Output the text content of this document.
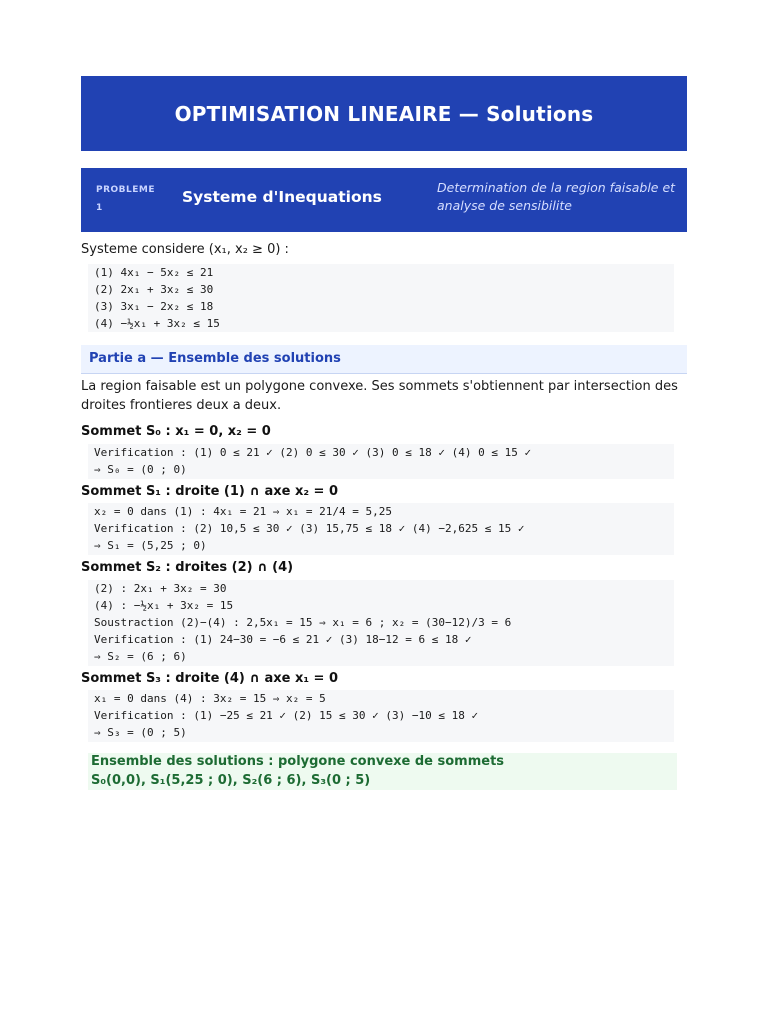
OPTIMISATION LINEAIRE — Solutions
PROBLEME
1
Systeme d'Inequations
Determination de la region faisable et analyse de sensibilite
Systeme considere (x₁, x₂ ≥ 0) :
(1) 4x₁ − 5x₂ ≤ 21
(2) 2x₁ + 3x₂ ≤ 30
(3) 3x₁ − 2x₂ ≤ 18
(4) −½x₁ + 3x₂ ≤ 15
Partie a — Ensemble des solutions
La region faisable est un polygone convexe. Ses sommets s'obtiennent par intersection des droites frontieres deux a deux.
Sommet S₀ : x₁ = 0, x₂ = 0
Verification : (1) 0 ≤ 21 ✓ (2) 0 ≤ 30 ✓ (3) 0 ≤ 18 ✓ (4) 0 ≤ 15 ✓
⇒ S₀ = (0 ; 0)
Sommet S₁ : droite (1) ∩ axe x₂ = 0
x₂ = 0 dans (1) : 4x₁ = 21 ⇒ x₁ = 21/4 = 5,25
Verification : (2) 10,5 ≤ 30 ✓ (3) 15,75 ≤ 18 ✓ (4) −2,625 ≤ 15 ✓
⇒ S₁ = (5,25 ; 0)
Sommet S₂ : droites (2) ∩ (4)
(2) : 2x₁ + 3x₂ = 30
(4) : −½x₁ + 3x₂ = 15
Soustraction (2)−(4) : 2,5x₁ = 15 ⇒ x₁ = 6 ; x₂ = (30−12)/3 = 6
Verification : (1) 24−30 = −6 ≤ 21 ✓ (3) 18−12 = 6 ≤ 18 ✓
⇒ S₂ = (6 ; 6)
Sommet S₃ : droite (4) ∩ axe x₁ = 0
x₁ = 0 dans (4) : 3x₂ = 15 ⇒ x₂ = 5
Verification : (1) −25 ≤ 21 ✓ (2) 15 ≤ 30 ✓ (3) −10 ≤ 18 ✓
⇒ S₃ = (0 ; 5)
Ensemble des solutions : polygone convexe de sommets
S₀(0,0), S₁(5,25 ; 0), S₂(6 ; 6), S₃(0 ; 5)
